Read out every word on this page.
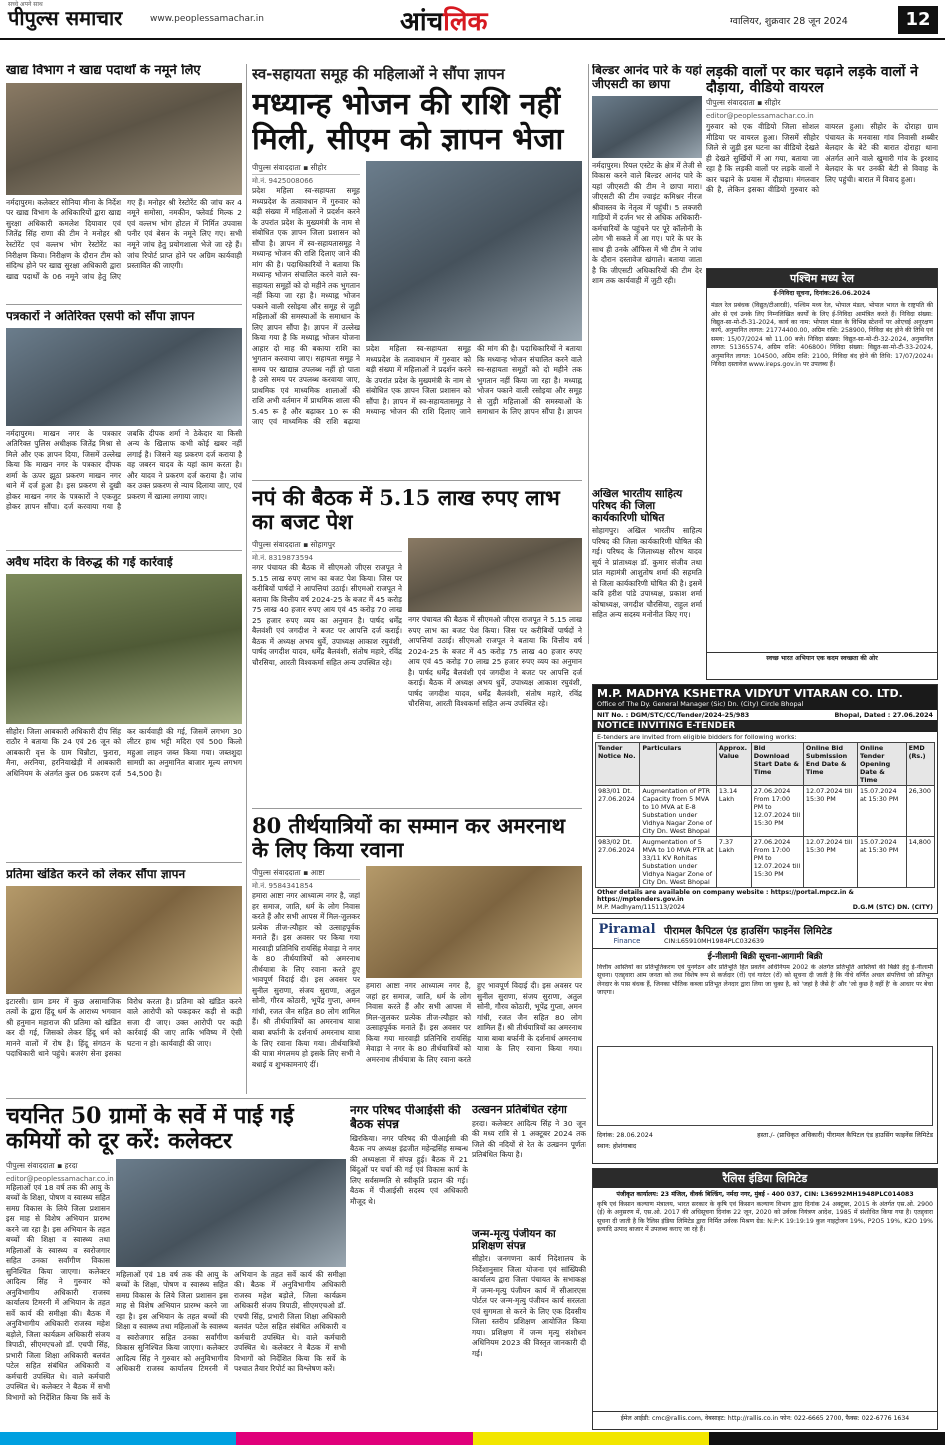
सच्चे अपने साथ
पीपुल्स समाचार	www.peoplessamachar.in	आंचलिक	ग्वालियर, शुक्रवार 28 जून 2024	12
खाद्य विभाग ने खाद्य पदार्थों के नमूने लिए
नर्मदापुरम। कलेक्टर सोनिया मीना के निर्देश पर खाद्य विभाग के अधिकारियों द्वारा खाद्य सुरक्षा अधिकारी कमलेश दियावार एवं जितेंद्र सिंह राणा की टीम ने मनोहर श्री रेस्टोरेंट एवं वल्लभ भोग रेस्टोरेंट का निरीक्षण किया। निरीक्षण के दौरान टीम को संदिग्ध होने पर खाद्य सुरक्षा अधिकारी द्वारा खाद्य पदार्थों के 06 नमूने जांच हेतु लिए गए हैं। मनोहर श्री रेस्टोरेंट की जांच कर 4 नमूने समोसा, नमकीन, फ्लेवर्ड मिल्क 2 एवं वल्लभ भोग होटल में निर्मित उपवास पनीर एवं बेसन के नमूने लिए गए। सभी नमूने जांच हेतु प्रयोगशाला भेजे जा रहे हैं। जांच रिपोर्ट प्राप्त होने पर अग्रिम कार्यवाही प्रस्तावित की जाएगी।
पत्रकारों ने अतिरिक्त एसपी को सौंपा ज्ञापन
नर्मदापुरम। माखन नगर के पत्रकार अतिरिक्त पुलिस अधीक्षक जितेंद्र मिश्रा से मिले और एक ज्ञापन दिया, जिसमें उल्लेख किया कि माखन नगर के पत्रकार दीपक शर्मा के ऊपर झूठा प्रकरण माखन नगर थाने में दर्ज हुआ है। इस प्रकरण से दुखी होकर माखन नगर के पत्रकारों ने एकजुट होकर ज्ञापन सौंपा। दर्ज करवाया गया है जबकि दीपक शर्मा ने ठेकेदार या किसी अन्य के खिलाफ कभी कोई खबर नहीं लगाई है। जिसने यह प्रकरण दर्ज कराया है वह जबरन यादव के यहां काम करता है। और यादव ने प्रकरण दर्ज कराया है। जांच कर उक्त प्रकरण से न्याय दिलाया जाए, एवं प्रकरण में खात्मा लगाया जाए।
अवैध मदिरा के विरुद्ध की गई कार्रवाई
सीहोर। जिला आबकारी अधिकारी दीप सिंह राठौर ने बताया कि 24 एवं 26 जून को आबकारी वृत्त के ग्राम चिन्नौटा, फुरारा, मैना, अरनिया, हरनियाखेड़ी में आबकारी अधिनियम के अंतर्गत कुल 06 प्रकरण दर्ज कर कार्यवाही की गई, जिसमें लगभग 30 लीटर हाथ भट्टी मदिरा एवं 500 किलो महुआ लाहन जब्त किया गया। जब्तशुदा सामग्री का अनुमानित बाजार मूल्य लगभग 54,500 है।
प्रतिमा खंडित करने को लेकर सौंपा ज्ञापन
इटारसी। ग्राम डमर में कुछ असामाजिक तत्वों के द्वारा हिंदू धर्म के आराध्य भगवान श्री हनुमान महाराज की प्रतिमा को खंडित कर दी गई, जिसको लेकर हिंदू धर्म को मानने वालों में रोष है। हिंदू संगठन के पदाधिकारी थाने पहुंचे। बजरंग सेना इसका विरोध करता है। प्रतिमा को खंडित करने वाले आरोपी को पकड़कर कड़ी से कड़ी सजा दी जाए। उक्त आरोपी पर कड़ी कार्रवाई की जाए ताकि भविष्य में ऐसी घटना न हो। कार्यवाही की जाए।
स्व-सहायता समूह की महिलाओं ने सौंपा ज्ञापन
मध्यान्ह भोजन की राशि नहीं मिली, सीएम को ज्ञापन भेजा
पीपुल्स संवाददाता ▪ सीहोर
मो.नं. 9425008066
प्रदेश महिला स्व-सहायता समूह मध्यप्रदेश के तत्वावधान में गुरुवार को बड़ी संख्या में महिलाओं ने प्रदर्शन करने के उपरांत प्रदेश के मुख्यमंत्री के नाम से संबोधित एक ज्ञापन जिला प्रशासन को सौंपा है। ज्ञापन में स्व-सहायतासमूह ने मध्यान्ह भोजन की राशि दिलाए जाने की मांग की है। पदाधिकारियों ने बताया कि मध्यान्ह भोजन संचालित करने वाले स्व-सहायता समूहों को दो महीने तक भुगतान नहीं किया जा रहा है। मध्याह्न भोजन पकाने वाली रसोइया और समूह से जुड़ी महिलाओं की समस्याओं के समाधान के लिए ज्ञापन सौंपा है। ज्ञापन में उल्लेख किया गया है कि मध्याह्न भोजन योजना आहार दो माह की बकाया राशि का भुगतान करवाया जाए। सहायता समूह ने समय पर खाद्यान्न उपलब्ध नहीं हो पाता है उसे समय पर उपलब्ध करवाया जाए, प्राथमिक एवं माध्यमिक शालाओं की राशि अभी वर्तमान में प्राथमिक शाला की 5.45 रू है और बढ़ाकर 10 रू की जाए एवं माध्यमिक की राशि बढ़ाया
प्रदेश महिला स्व-सहायता समूह मध्यप्रदेश के तत्वावधान में गुरुवार को बड़ी संख्या में महिलाओं ने प्रदर्शन करने के उपरांत प्रदेश के मुख्यमंत्री के नाम से संबोधित एक ज्ञापन जिला प्रशासन को सौंपा है। ज्ञापन में स्व-सहायतासमूह ने मध्यान्ह भोजन की राशि दिलाए जाने की मांग की है। पदाधिकारियों ने बताया कि मध्यान्ह भोजन संचालित करने वाले स्व-सहायता समूहों को दो महीने तक भुगतान नहीं किया जा रहा है। मध्याह्न भोजन पकाने वाली रसोइया और समूह से जुड़ी महिलाओं की समस्याओं के समाधान के लिए ज्ञापन सौंपा है। ज्ञापन
नपं की बैठक में 5.15 लाख रुपए लाभ का बजट पेश
पीपुल्स संवाददाता ▪ सोहागपुर
मो.नं. 8319873594
नगर पंचायत की बैठक में सीएमओ जीएस राजपूत ने 5.15 लाख रुपए लाभ का बजट पेश किया। जिस पर करीबियों पार्षदों ने आपत्तियां उठाई। सीएमओ राजपूत ने बताया कि वित्तीय वर्ष 2024-25 के बजट में 45 करोड़ 75 लाख 40 हजार रुपए आय एवं 45 करोड़ 70 लाख 25 हजार रुपए व्यय का अनुमान है। पार्षद धर्मेंद्र बैलवंशी एवं जगदीश ने बजट पर आपत्ति दर्ज कराई। बैठक में अध्यक्ष अभय धुर्वे, उपाध्यक्ष आकाश रघुवंशी, पार्षद जगदीश यादव, धर्मेंद्र बैलवंशी, संतोष महारे, रविंद्र चौरसिया, आरती विश्वकर्मा सहित अन्य उपस्थित रहे।
नगर पंचायत की बैठक में सीएमओ जीएस राजपूत ने 5.15 लाख रुपए लाभ का बजट पेश किया। जिस पर करीबियों पार्षदों ने आपत्तियां उठाई। सीएमओ राजपूत ने बताया कि वित्तीय वर्ष 2024-25 के बजट में 45 करोड़ 75 लाख 40 हजार रुपए आय एवं 45 करोड़ 70 लाख 25 हजार रुपए व्यय का अनुमान है। पार्षद धर्मेंद्र बैलवंशी एवं जगदीश ने बजट पर आपत्ति दर्ज कराई। बैठक में अध्यक्ष अभय धुर्वे, उपाध्यक्ष आकाश रघुवंशी, पार्षद जगदीश यादव, धर्मेंद्र बैलवंशी, संतोष महारे, रविंद्र चौरसिया, आरती विश्वकर्मा सहित अन्य उपस्थित रहे।
80 तीर्थयात्रियों का सम्मान कर अमरनाथ के लिए किया रवाना
पीपुल्स संवाददाता ▪ आष्टा
मो.नं. 9584341854
हमारा आष्टा नगर आध्यात्म नगर है, जहां हर समाज, जाति, धर्म के लोग निवास करते हैं और सभी आपस में मिल-जुलकर प्रत्येक तीज-त्यौहार को उत्साहपूर्वक मनाते हैं। इस अवसर पर किया गया मारवाड़ी प्रतिनिधि रायसिंह मेवाड़ा ने नगर के 80 तीर्थयात्रियों को अमरनाथ तीर्थयात्रा के लिए रवाना करते हुए भावपूर्ण विदाई दी। इस अवसर पर सुनील सुराणा, संजय सुराणा, अतुल सोनी, गौरव कोठारी, भूपेंद्र गुप्ता, अमन गांधी, रजत जैन सहित 80 लोग शामिल हैं। श्री तीर्थयात्रियों का अमरनाथ यात्रा बाबा बर्फानी के दर्शनार्थ अमरनाथ यात्रा के लिए रवाना किया गया। तीर्थयात्रियों की यात्रा मंगलमय हो इसके लिए सभी ने बधाई व शुभकामनाएं दीं।
हमारा आष्टा नगर आध्यात्म नगर है, जहां हर समाज, जाति, धर्म के लोग निवास करते हैं और सभी आपस में मिल-जुलकर प्रत्येक तीज-त्यौहार को उत्साहपूर्वक मनाते हैं। इस अवसर पर किया गया मारवाड़ी प्रतिनिधि रायसिंह मेवाड़ा ने नगर के 80 तीर्थयात्रियों को अमरनाथ तीर्थयात्रा के लिए रवाना करते हुए भावपूर्ण विदाई दी। इस अवसर पर सुनील सुराणा, संजय सुराणा, अतुल सोनी, गौरव कोठारी, भूपेंद्र गुप्ता, अमन गांधी, रजत जैन सहित 80 लोग शामिल हैं। श्री तीर्थयात्रियों का अमरनाथ यात्रा बाबा बर्फानी के दर्शनार्थ अमरनाथ यात्रा के लिए रवाना किया गया।
बिल्डर आनंद पारे के यहां जीएसटी का छापा
नर्मदापुरम। रियल एस्टेट के क्षेत्र में तेजी से विकास करने वाले बिल्डर आनंद पारे के यहां जीएसटी की टीम ने छापा मारा। जीएसटी की टीम ज्वाइंट कमिश्नर नीरज श्रीवास्तव के नेतृत्व में पहुंची। 5 लक्जरी गाड़ियों में दर्जन भर से अधिक अधिकारी-कर्मचारियों के पहुंचने पर पूरे कॉलोनी के लोग भी सकते में आ गए। पारे के घर के साथ ही उनके ऑफिस में भी टीम ने जांच के दौरान दस्तावेज खंगाले। बताया जाता है कि जीएसटी अधिकारियों की टीम देर शाम तक कार्यवाही में जुटी रही।
लड़की वालों पर कार चढ़ाने लड़के वालों ने दौड़ाया, वीडियो वायरल
पीपुल्स संवाददाता ▪ सीहोर
editor@peoplessamachar.co.in
गुरुवार को एक वीडियो जिला सोशल मीडिया पर वायरल हुआ। जिसमें सीहोर जिले से जुड़ी इस घटना का वीडियो देखते ही देखते सुर्खियों में आ गया, बताया जा रहा है कि लड़की वालों पर लड़के वालों ने कार चढ़ाने के प्रयास में दौड़ाया। मंगलवार की है, लेकिन इसका वीडियो गुरुवार को वायरल हुआ। सीहोर के दोराहा ग्राम पंचायत के मनवासा गांव निवासी शब्बीर बेलदार के बेटे की बारात दोराहा थाना अंतर्गत आने वाले खुमारी गांव के इरशाद बेलदार के घर उनकी बेटी से विवाह के लिए पहुंची। बारात में विवाद हुआ।
पश्चिम मध्य रेल
ई-निविदा सूचना, दिनांक:26.06.2024
मंडल रेल प्रबंधक (विद्युत/टीआरडी), पश्चिम मध्य रेल, भोपाल मंडल, भोपाल भारत के राष्ट्रपति की ओर से एवं उनके लिए निम्नलिखित कार्यों के लिए ई-निविदा आमंत्रित करते हैं। निविदा संख्या: विद्युत-सा-मो-टी-31-2024, कार्य का नाम: भोपाल मंडल के विभिन्न स्टेशनों पर ओएचई अनुरक्षण कार्य, अनुमानित लागत: 21774400.00, अग्रिम राशि: 258900, निविदा बंद होने की तिथि एवं समय: 15/07/2024 को 11.00 बजे। निविदा संख्या: विद्युत-सा-मो-टी-32-2024, अनुमानित लागत: 51365574, अग्रिम राशि: 406800। निविदा संख्या: विद्युत-सा-मो-टी-33-2024, अनुमानित लागत: 104500, अग्रिम राशि: 2100, निविदा बंद होने की तिथि: 17/07/2024। निविदा दस्तावेज www.ireps.gov.in पर उपलब्ध हैं।
स्वच्छ भारत अभियान एक कदम स्वच्छता की ओर
अखिल भारतीय साहित्य परिषद की जिला कार्यकारिणी घोषित
सोहागपुर। अखिल भारतीय साहित्य परिषद की जिला कार्यकारिणी घोषित की गई। परिषद के जिलाध्यक्ष सौरभ यादव सूर्य ने प्रांताध्यक्ष डॉ. कुमार संजीव तथा प्रांत महामंत्री आशुतोष शर्मा की सहमति से जिला कार्यकारिणी घोषित की है। इसमें कवि हरीश पांडे उपाध्यक्ष, प्रकाश शर्मा कोषाध्यक्ष, जगदीश चौरसिया, राहुल शर्मा सहित अन्य सदस्य मनोनीत किए गए।
M.P. MADHYA KSHETRA VIDYUT VITARAN CO. LTD.
Office of The Dy. General Manager (Sic) Dn. (City) Circle Bhopal
NIT No. : DGM/STC/CC/Tender/2024-25/983	Bhopal, Dated : 27.06.2024
NOTICE INVITING E-TENDER
E-tenders are invited from eligible bidders for following works:
Tender Notice No.	Particulars	Approx. Value	Bid Download Start Date & Time	Online Bid Submission End Date & Time	Online Tender Opening Date & Time	EMD (Rs.)
983/01 Dt. 27.06.2024	Augmentation of PTR Capacity from 5 MVA to 10 MVA at E-8 Substation under Vidhya Nagar Zone of City Dn. West Bhopal	13.14 Lakh	27.06.2024 From 17:00 PM to 12.07.2024 till 15:30 PM	12.07.2024 till 15:30 PM	15.07.2024 at 15:30 PM	26,300
983/02 Dt. 27.06.2024	Augmentation of 5 MVA to 10 MVA PTR at 33/11 KV Rohitas Substation under Vidhya Nagar Zone of City Dn. West Bhopal	7.37 Lakh	27.06.2024 From 17:00 PM to 12.07.2024 till 15:30 PM	12.07.2024 till 15:30 PM	15.07.2024 at 15:30 PM	14,800
Other details are available on company website : https://portal.mpcz.in & https://mptenders.gov.in
M.P. Madhyam/115113/2024	D.G.M (STC) DN. (CITY)
Piramal
Finance
पीरामल कैपिटल एंड हाउसिंग फाइनेंस लिमिटेड
CIN:L65910MH1984PLC032639
ई-नीलामी बिक्री सूचना-आगामी बिक्री
वित्तीय आस्तियों का प्रतिभूतिकरण एवं पुनर्गठन और प्रतिभूति हित प्रवर्तन अधिनियम 2002 के अंतर्गत प्रतिभूति आस्तियों की बिक्री हेतु ई-नीलामी सूचना। एतद्द्वारा आम जनता को तथा विशेष रूप से कर्जदार (रों) एवं गारंटर (रों) को सूचना दी जाती है कि नीचे वर्णित अचल संपत्तियां जो प्रतिभूत लेनदार के पास बंधक हैं, जिनका भौतिक कब्जा प्रतिभूत लेनदार द्वारा लिया जा चुका है, को 'जहां है जैसे है' और 'जो कुछ है वहीं है' के आधार पर बेचा जाएगा।
दिनांक: 28.06.2024	हस्ता./- (प्राधिकृत अधिकारी) पीरामल कैपिटल एंड हाउसिंग फाइनेंस लिमिटेड
स्थान: होशंगाबाद
रैलिस इंडिया लिमिटेड
पंजीकृत कार्यालय: 23 मंजिल, वीवर्क बिल्डिंग, नर्मदा नगर, मुंबई - 400 037, CIN: L36992MH1948PLC014083
कृषि एवं किसान कल्याण मंत्रालय, भारत सरकार के कृषि एवं किसान कल्याण विभाग द्वारा दिनांक 24 अक्टूबर, 2015 के अंतर्गत एस.ओ. 2900 (ई) के अनुसरण में, एस.ओ. 2017 की अधिसूचना दिनांक 22 जून, 2020 को उर्वरक नियंत्रण आदेश, 1985 में संशोधित किया गया है। एतद्द्वारा सूचना दी जाती है कि रैलिस इंडिया लिमिटेड द्वारा निर्मित उर्वरक मिश्रण ग्रेड: N:P:K 19:19:19 कुल नाइट्रोजन 19%, P2O5 19%, K2O 19% इत्यादि उत्पाद बाजार में उपलब्ध कराए जा रहे हैं।
ईमेल आईडी: cmc@rallis.com, वेबसाइट: http://rallis.co.in फोन: 022-6665 2700, फैक्स: 022-6776 1634
चयनित 50 ग्रामों के सर्वे में पाई गई कमियों को दूर करें: कलेक्टर
पीपुल्स संवाददाता ▪ हरदा
editor@peoplessamachar.co.in
महिलाओं एवं 18 वर्ष तक की आयु के बच्चों के शिक्षा, पोषण व स्वास्थ्य सहित समग्र विकास के लिये जिला प्रशासन इस माह से विशेष अभियान प्रारम्भ करने जा रहा है। इस अभियान के तहत बच्चों की शिक्षा व स्वास्थ्य तथा महिलाओं के स्वास्थ्य व स्वरोजगार सहित उनका सर्वांगीण विकास सुनिश्चित किया जाएगा। कलेक्टर आदित्य सिंह ने गुरुवार को अनुविभागीय अधिकारी राजस्व कार्यालय टिमरनी में अभियान के तहत सर्वे कार्य की समीक्षा की। बैठक में अनुविभागीय अधिकारी राजस्व महेश बड़ोले, जिला कार्यक्रम अधिकारी संजय त्रिपाठी, सीएमएचओ डॉ. एचपी सिंह, प्रभारी जिला शिक्षा अधिकारी बलवंत पटेल सहित संबंधित अधिकारी व कर्मचारी उपस्थित थे। वाले कर्मचारी उपस्थित थे। कलेक्टर ने बैठक में सभी विभागों को निर्देशित किया कि सर्वे के
महिलाओं एवं 18 वर्ष तक की आयु के बच्चों के शिक्षा, पोषण व स्वास्थ्य सहित समग्र विकास के लिये जिला प्रशासन इस माह से विशेष अभियान प्रारम्भ करने जा रहा है। इस अभियान के तहत बच्चों की शिक्षा व स्वास्थ्य तथा महिलाओं के स्वास्थ्य व स्वरोजगार सहित उनका सर्वांगीण विकास सुनिश्चित किया जाएगा। कलेक्टर आदित्य सिंह ने गुरुवार को अनुविभागीय अधिकारी राजस्व कार्यालय टिमरनी में अभियान के तहत सर्वे कार्य की समीक्षा की। बैठक में अनुविभागीय अधिकारी राजस्व महेश बड़ोले, जिला कार्यक्रम अधिकारी संजय त्रिपाठी, सीएमएचओ डॉ. एचपी सिंह, प्रभारी जिला शिक्षा अधिकारी बलवंत पटेल सहित संबंधित अधिकारी व कर्मचारी उपस्थित थे। वाले कर्मचारी उपस्थित थे। कलेक्टर ने बैठक में सभी विभागों को निर्देशित किया कि सर्वे के पश्चात तैयार रिपोर्ट का विश्लेषण करें।
नगर परिषद पीआईसी की बैठक संपन्न
खिरकिया। नगर परिषद की पीआईसी की बैठक नप अध्यक्ष इंद्रजीत महेन्द्रसिंह सम्बन्ध की अध्यक्षता में संपन्न हुई। बैठक में 21 बिंदुओं पर चर्चा की गई एवं विकास कार्य के लिए सर्वसम्मति से स्वीकृति प्रदान की गई। बैठक में पीआईसी सदस्य एवं अधिकारी मौजूद थे।
उत्खनन प्रतिबंधित रहेगा
हरदा। कलेक्टर आदित्य सिंह ने 30 जून की मध्य रात्रि से 1 अक्टूबर 2024 तक जिले की नदियों से रेत के उत्खनन पूर्णतः प्रतिबंधित किया है।
जन्म-मृत्यु पंजीयन का प्रशिक्षण संपन्न
सीहोर। जनगणना कार्य निदेशालय के निर्देशानुसार जिला योजना एवं सांख्यिकी कार्यालय द्वारा जिला पंचायत के सभाकक्ष में जन्म-मृत्यु पंजीयन कार्य में सीआरएस पोर्टल पर जन्म-मृत्यु पंजीयन कार्य सरलता एवं सुगमता से करने के लिए एक दिवसीय जिला स्तरीय प्रशिक्षण आयोजित किया गया। प्रशिक्षण में जन्म मृत्यु संशोधन अधिनियम 2023 की विस्तृत जानकारी दी गई।
